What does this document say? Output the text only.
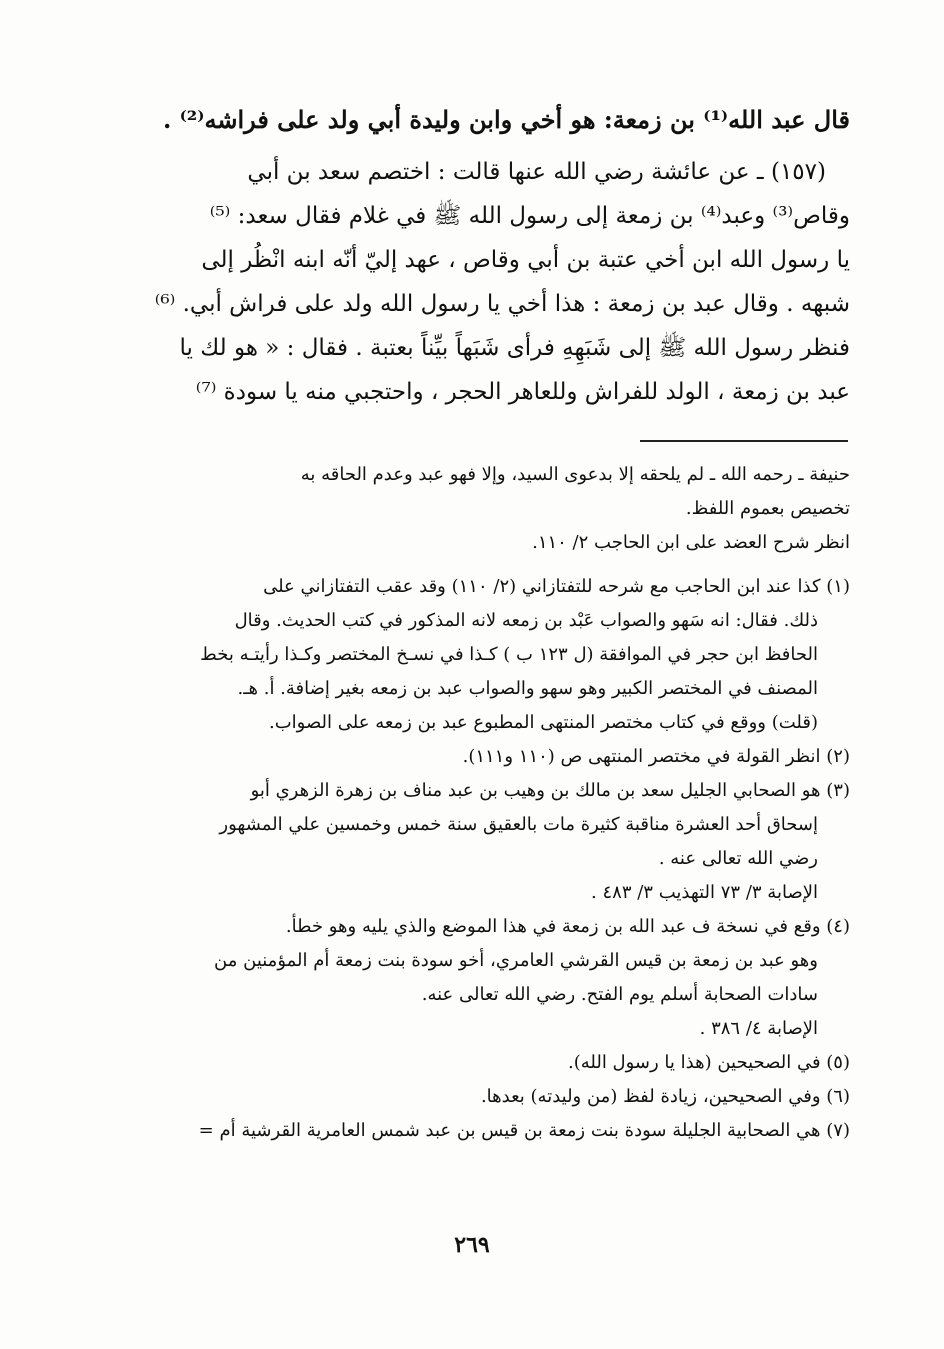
قال عبد الله⁽¹⁾ بن زمعة: هو أخي وابن وليدة أبي ولد على فراشه⁽²⁾ .
(١٥٧) ـ عن عائشة رضي الله عنها قالت : اختصم سعد بن أبي
وقاص⁽³⁾ وعبد⁽⁴⁾ بن زمعة إلى رسول الله ﷺ في غلام فقال سعد: ⁽⁵⁾
يا رسول الله ابن أخي عتبة بن أبي وقاص ، عهد إليّ أنّه ابنه انْظُر إلى
شبهه . وقال عبد بن زمعة : هذا أخي يا رسول الله ولد على فراش أبي. ⁽⁶⁾
فنظر رسول الله ﷺ إلى شَبَهِهِ فرأى شَبَهاً بيِّناً بعتبة . فقال : « هو لك يا
عبد بن زمعة ، الولد للفراش وللعاهر الحجر ، واحتجبي منه يا سودة ⁽⁷⁾
حنيفة ـ رحمه الله ـ لم يلحقه إلا بدعوى السيد، وإلا فهو عبد وعدم الحاقه به
تخصيص بعموم اللفظ.
انظر شرح العضد على ابن الحاجب ٢/ ١١٠.
(١) كذا عند ابن الحاجب مع شرحه للتفتازاني (٢/ ١١٠) وقد عقب التفتازاني على
ذلك. فقال: انه سَهو والصواب عَبْد بن زمعه لانه المذكور في كتب الحديث. وقال
الحافظ ابن حجر في الموافقة (ل ١٢٣ ب ) كـذا في نسـخ المختصر وكـذا رأيتـه بخط
المصنف في المختصر الكبير وهو سهو والصواب عبد بن زمعه بغير إضافة. أ. هـ.
(قلت) ووقع في كتاب مختصر المنتهى المطبوع عبد بن زمعه على الصواب.
(٢) انظر القولة في مختصر المنتهى ص (١١٠ و١١١).
(٣) هو الصحابي الجليل سعد بن مالك بن وهيب بن عبد مناف بن زهرة الزهري أبو
إسحاق أحد العشرة مناقبة كثيرة مات بالعقيق سنة خمس وخمسين علي المشهور
رضي الله تعالى عنه .
الإصابة ٣/ ٧٣ التهذيب ٣/ ٤٨٣ .
(٤) وقع في نسخة ف عبد الله بن زمعة في هذا الموضع والذي يليه وهو خطأ.
وهو عبد بن زمعة بن قيس القرشي العامري، أخو سودة بنت زمعة أم المؤمنين من
سادات الصحابة أسلم يوم الفتح. رضي الله تعالى عنه.
الإصابة ٤/ ٣٨٦ .
(٥) في الصحيحين (هذا يا رسول الله).
(٦) وفي الصحيحين، زيادة لفظ (من وليدته) بعدها.
(٧) هي الصحابية الجليلة سودة بنت زمعة بن قيس بن عبد شمس العامرية القرشية أم =
٢٦٩
